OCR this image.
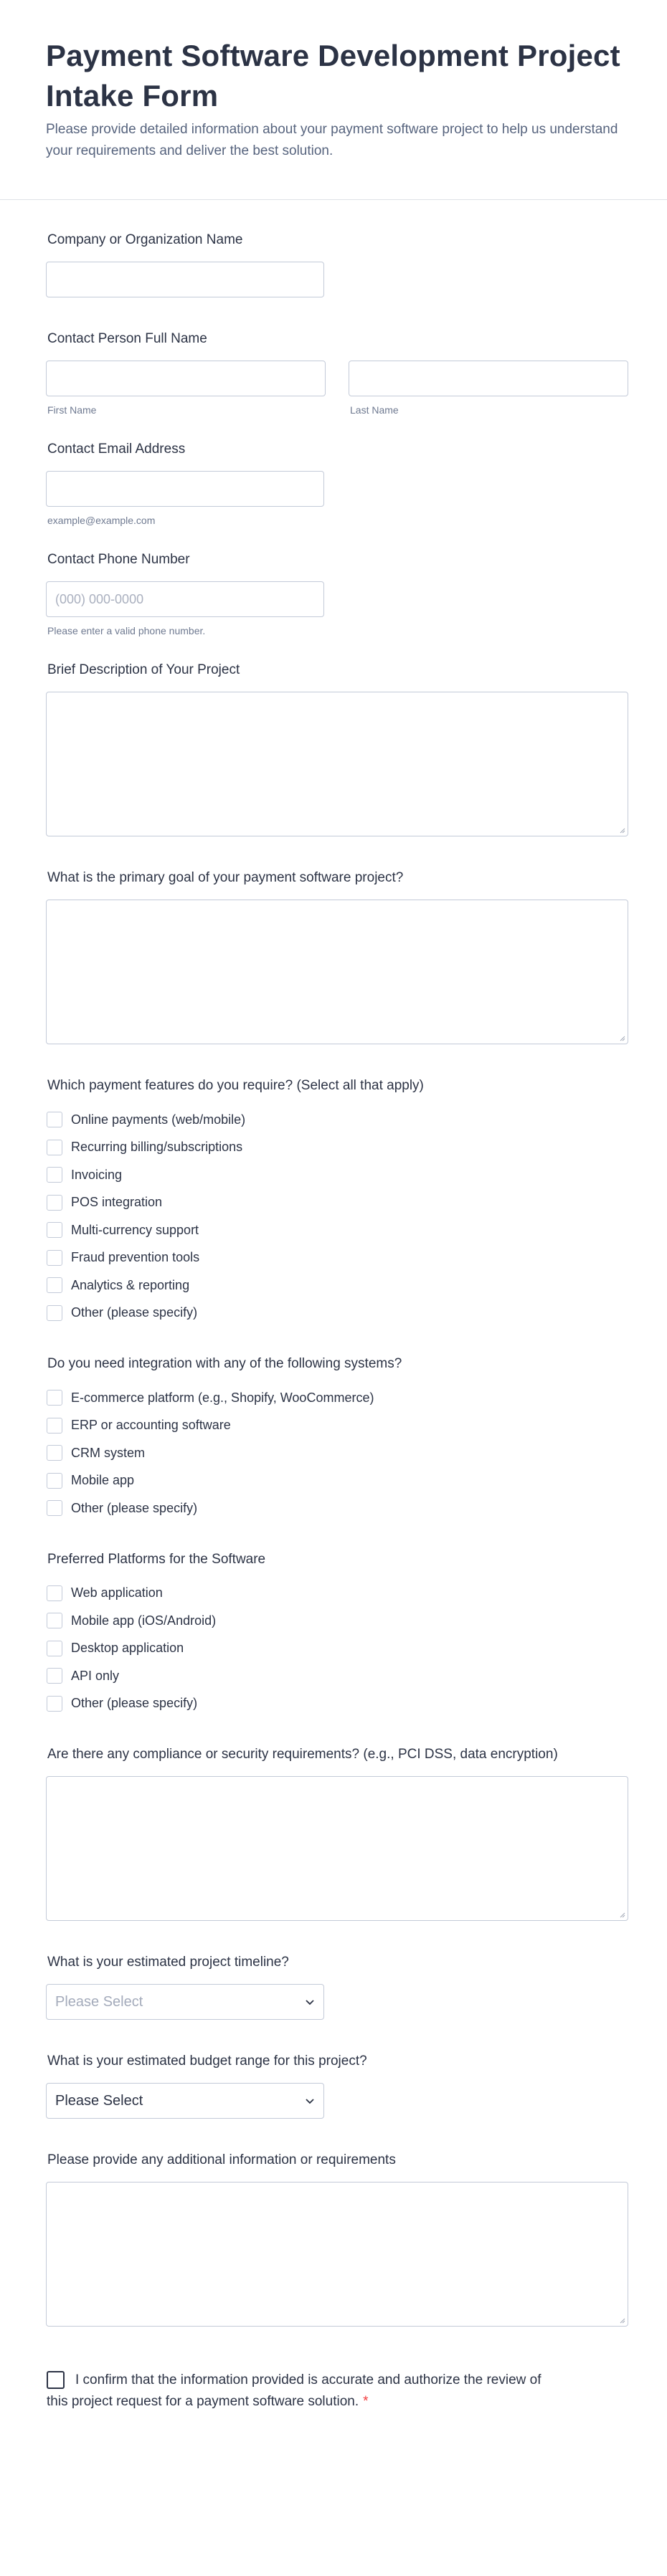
Payment Software Development Project Intake Form

Please provide detailed information about your payment software project to help us understand your requirements and deliver the best solution.

Company or Organization Name
Contact Person Full Name
First Name	Last Name
Contact Email Address
example@example.com
Contact Phone Number
(000) 000-0000
Please enter a valid phone number.
Brief Description of Your Project
What is the primary goal of your payment software project?
Which payment features do you require? (Select all that apply)
Online payments (web/mobile)
Recurring billing/subscriptions
Invoicing
POS integration
Multi-currency support
Fraud prevention tools
Analytics & reporting
Other (please specify)
Do you need integration with any of the following systems?
E-commerce platform (e.g., Shopify, WooCommerce)
ERP or accounting software
CRM system
Mobile app
Other (please specify)
Preferred Platforms for the Software
Web application
Mobile app (iOS/Android)
Desktop application
API only
Other (please specify)
Are there any compliance or security requirements? (e.g., PCI DSS, data encryption)
What is your estimated project timeline?
Please Select
What is your estimated budget range for this project?
Please Select
Please provide any additional information or requirements

I confirm that the information provided is accurate and authorize the review of this project request for a payment software solution. *
